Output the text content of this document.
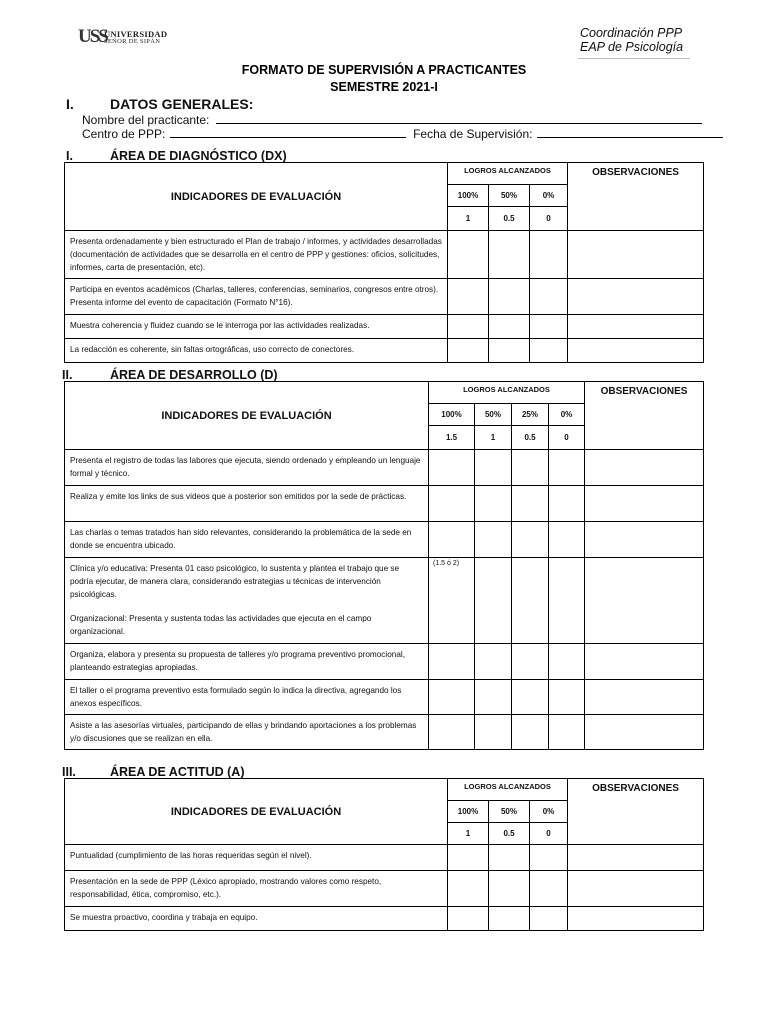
USS
UNIVERSIDAD
SEÑOR DE SIPÁN
Coordinación PPP
EAP de Psicología
FORMATO DE SUPERVISIÓN A PRACTICANTES
SEMESTRE 2021-I
I.	DATOS GENERALES:
Nombre del practicante:
Centro de PPP:	Fecha de Supervisión:
I.	ÁREA DE DIAGNÓSTICO (DX)
INDICADORES DE EVALUACIÓN	LOGROS ALCANZADOS			OBSERVACIONES
	100%	50%	0%	
	1	0.5	0	

Presenta ordenadamente y bien estructurado el Plan de trabajo / informes, y actividades desarrolladas (documentación de actividades que se desarrolla en el centro de PPP y gestiones: oficios, solicitudes, informes, carta de presentación, etc).				

Participa en eventos académicos (Charlas, talleres, conferencias, seminarios, congresos entre otros). Presenta informe del evento de capacitación (Formato N°16).				

Muestra coherencia y fluidez cuando se le interroga por las actividades realizadas.				

La redacción es coherente, sin faltas ortográficas, uso correcto de conectores.				

II.	ÁREA DE DESARROLLO (D)
INDICADORES DE EVALUACIÓN	LOGROS ALCANZADOS				OBSERVACIONES
	100%	50%	25%	0%	
	1.5	1	0.5	0	

Presenta el registro de todas las labores que ejecuta, siendo ordenado y empleando un lenguaje formal y técnico.					

Realiza y emite los links de sus videos que a posterior son emitidos por la sede de prácticas.					

Las charlas o temas tratados han sido relevantes, considerando la problemática de la sede en donde se encuentra ubicado.					

Clínica y/o educativa: Presenta 01 caso psicológico, lo sustenta y plantea el trabajo que se podría ejecutar, de manera clara, considerando estrategias u técnicas de intervención psicológicas.

Organizacional: Presenta y sustenta todas las actividades que ejecuta en el campo organizacional.	(1.5 ó 2)				

Organiza, elabora y presenta su propuesta de talleres y/o programa preventivo promocional, planteando estrategias apropiadas.					

El taller o el programa preventivo esta formulado según lo indica la directiva, agregando los anexos específicos.					

Asiste a las asesorías virtuales, participando de ellas y brindando aportaciones a los problemas y/o discusiones que se realizan en ella.					

III.	ÁREA DE ACTITUD (A)
INDICADORES DE EVALUACIÓN	LOGROS ALCANZADOS			OBSERVACIONES
	100%	50%	0%	
	1	0.5	0	

Puntualidad (cumplimiento de las horas requeridas según el nivel).				

Presentación en la sede de PPP (Léxico apropiado, mostrando valores como respeto, responsabilidad, ética, compromiso, etc.).				

Se muestra proactivo, coordina y trabaja en equipo.				
